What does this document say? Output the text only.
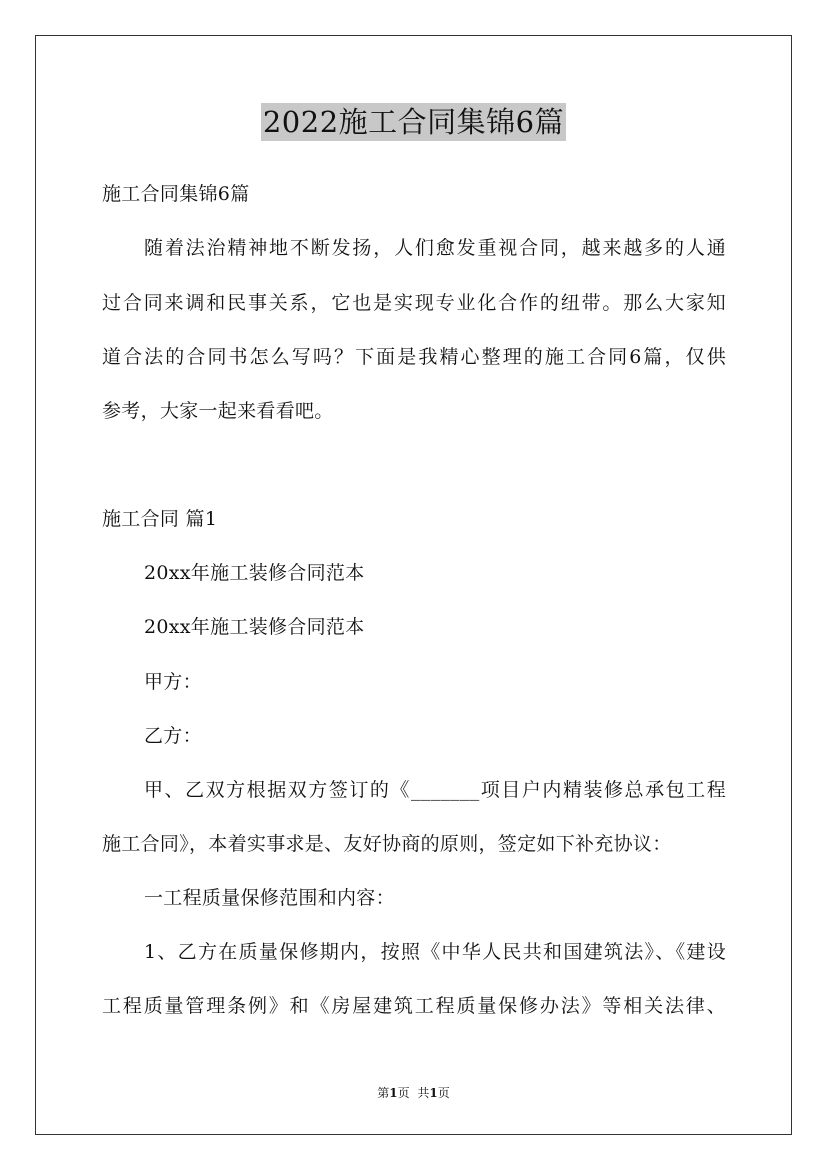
2022施工合同集锦6篇
施工合同集锦6篇
随着法治精神地不断发扬，人们愈发重视合同，越来越多的人通
过合同来调和民事关系，它也是实现专业化合作的纽带。那么大家知
道合法的合同书怎么写吗？下面是我精心整理的施工合同6篇，仅供
参考，大家一起来看看吧。
施工合同 篇1
20xx年施工装修合同范本
20xx年施工装修合同范本
甲方：
乙方：
甲、乙双方根据双方签订的《_______项目户内精装修总承包工程
施工合同》，本着实事求是、友好协商的原则，签定如下补充协议：
一工程质量保修范围和内容：
1、乙方在质量保修期内，按照《中华人民共和国建筑法》、《建设
工程质量管理条例》和《房屋建筑工程质量保修办法》等相关法律、
第1页 共1页
